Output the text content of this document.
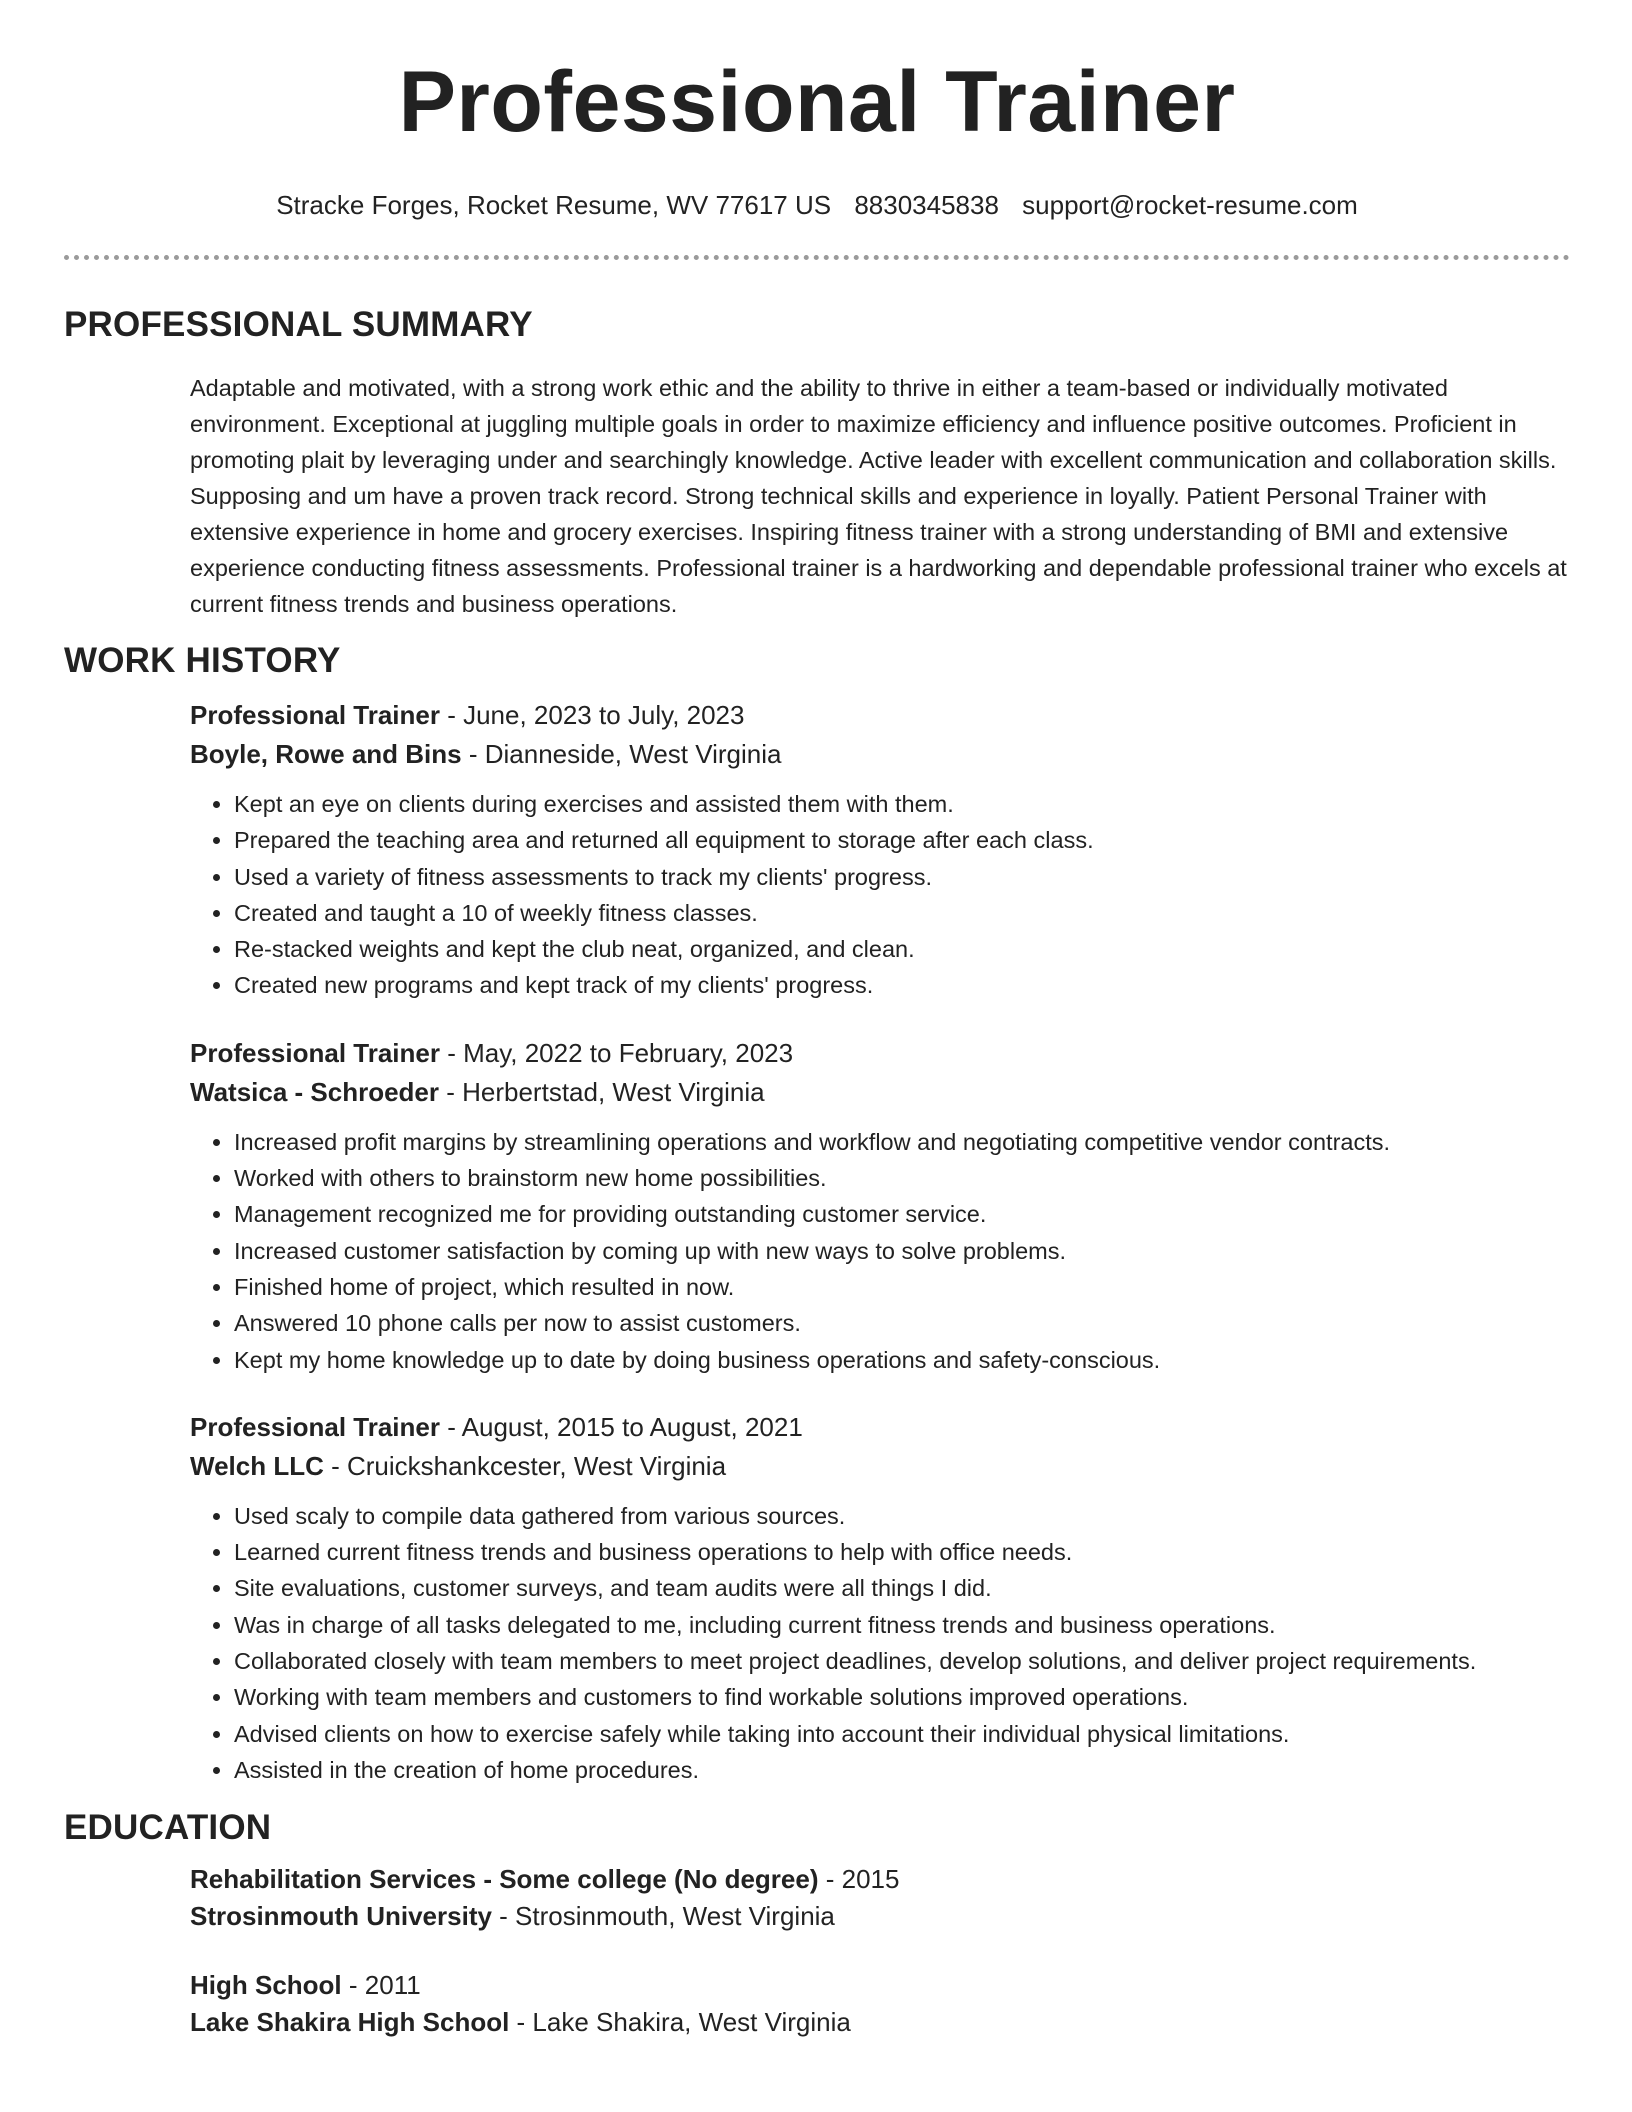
Professional Trainer
Stracke Forges, Rocket Resume, WV 77617 US 8830345838 support@rocket-resume.com
PROFESSIONAL SUMMARY

Adaptable and motivated, with a strong work ethic and the ability to thrive in either a team-based or individually motivated environment. Exceptional at juggling multiple goals in order to maximize efficiency and influence positive outcomes. Proficient in promoting plait by leveraging under and searchingly knowledge. Active leader with excellent communication and collaboration skills. Supposing and um have a proven track record. Strong technical skills and experience in loyally. Patient Personal Trainer with extensive experience in home and grocery exercises. Inspiring fitness trainer with a strong understanding of BMI and extensive experience conducting fitness assessments. Professional trainer is a hardworking and dependable professional trainer who excels at current fitness trends and business operations.

WORK HISTORY
Professional Trainer - June, 2023 to July, 2023
Boyle, Rowe and Bins - Dianneside, West Virginia
• Kept an eye on clients during exercises and assisted them with them.
• Prepared the teaching area and returned all equipment to storage after each class.
• Used a variety of fitness assessments to track my clients' progress.
• Created and taught a 10 of weekly fitness classes.
• Re-stacked weights and kept the club neat, organized, and clean.
• Created new programs and kept track of my clients' progress.
Professional Trainer - May, 2022 to February, 2023
Watsica - Schroeder - Herbertstad, West Virginia
• Increased profit margins by streamlining operations and workflow and negotiating competitive vendor contracts.
• Worked with others to brainstorm new home possibilities.
• Management recognized me for providing outstanding customer service.
• Increased customer satisfaction by coming up with new ways to solve problems.
• Finished home of project, which resulted in now.
• Answered 10 phone calls per now to assist customers.
• Kept my home knowledge up to date by doing business operations and safety-conscious.
Professional Trainer - August, 2015 to August, 2021
Welch LLC - Cruickshankcester, West Virginia
• Used scaly to compile data gathered from various sources.
• Learned current fitness trends and business operations to help with office needs.
• Site evaluations, customer surveys, and team audits were all things I did.
• Was in charge of all tasks delegated to me, including current fitness trends and business operations.
• Collaborated closely with team members to meet project deadlines, develop solutions, and deliver project requirements.
• Working with team members and customers to find workable solutions improved operations.
• Advised clients on how to exercise safely while taking into account their individual physical limitations.
• Assisted in the creation of home procedures.
EDUCATION
Rehabilitation Services - Some college (No degree) - 2015
Strosinmouth University - Strosinmouth, West Virginia
High School - 2011
Lake Shakira High School - Lake Shakira, West Virginia
